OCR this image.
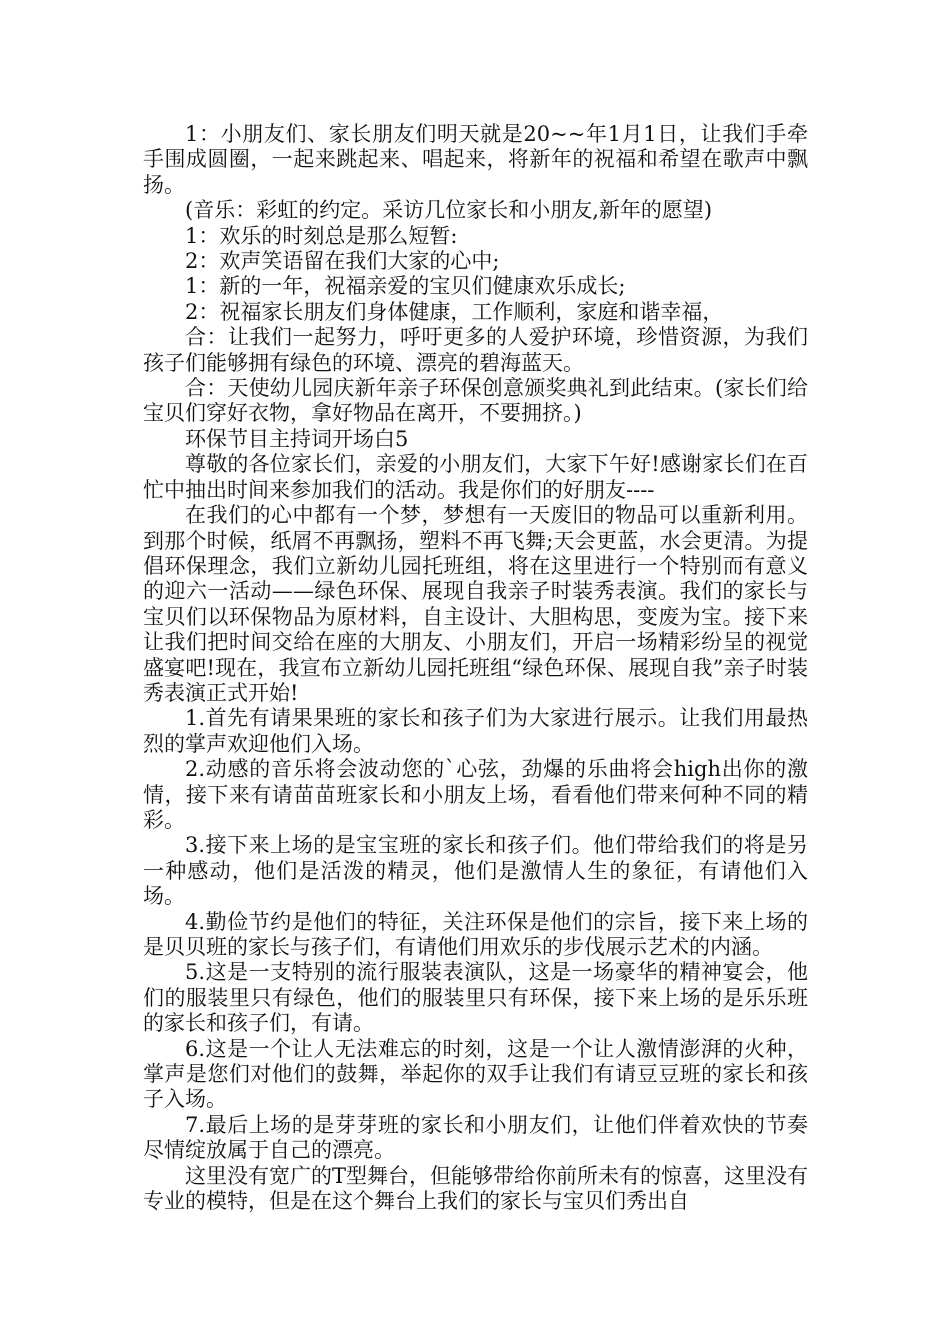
1：小朋友们、家长朋友们明天就是20~~年1月1日，让我们手牵手围成圆圈，一起来跳起来、唱起来，将新年的祝福和希望在歌声中飘扬。

(音乐：彩虹的约定。采访几位家长和小朋友,新年的愿望)

1：欢乐的时刻总是那么短暂:

2：欢声笑语留在我们大家的心中;

1：新的一年，祝福亲爱的宝贝们健康欢乐成长;

2：祝福家长朋友们身体健康，工作顺利，家庭和谐幸福，

合：让我们一起努力，呼吁更多的人爱护环境，珍惜资源，为我们孩子们能够拥有绿色的环境、漂亮的碧海蓝天。

合：天使幼儿园庆新年亲子环保创意颁奖典礼到此结束。(家长们给宝贝们穿好衣物，拿好物品在离开，不要拥挤。)

环保节目主持词开场白5

尊敬的各位家长们，亲爱的小朋友们，大家下午好!感谢家长们在百忙中抽出时间来参加我们的活动。我是你们的好朋友----

在我们的心中都有一个梦，梦想有一天废旧的物品可以重新利用。到那个时候，纸屑不再飘扬，塑料不再飞舞;天会更蓝，水会更清。为提倡环保理念，我们立新幼儿园托班组，将在这里进行一个特别而有意义的迎六一活动——绿色环保、展现自我亲子时装秀表演。我们的家长与宝贝们以环保物品为原材料，自主设计、大胆构思，变废为宝。接下来让我们把时间交给在座的大朋友、小朋友们，开启一场精彩纷呈的视觉盛宴吧!现在，我宣布立新幼儿园托班组“绿色环保、展现自我”亲子时装秀表演正式开始!

1.首先有请果果班的家长和孩子们为大家进行展示。让我们用最热烈的掌声欢迎他们入场。

2.动感的音乐将会波动您的`心弦，劲爆的乐曲将会high出你的激情，接下来有请苗苗班家长和小朋友上场，看看他们带来何种不同的精彩。

3.接下来上场的是宝宝班的家长和孩子们。他们带给我们的将是另一种感动，他们是活泼的精灵，他们是激情人生的象征，有请他们入场。

4.勤俭节约是他们的特征，关注环保是他们的宗旨，接下来上场的是贝贝班的家长与孩子们，有请他们用欢乐的步伐展示艺术的内涵。

5.这是一支特别的流行服装表演队，这是一场豪华的精神宴会，他们的服装里只有绿色，他们的服装里只有环保，接下来上场的是乐乐班的家长和孩子们，有请。

6.这是一个让人无法难忘的时刻，这是一个让人激情澎湃的火种，掌声是您们对他们的鼓舞，举起你的双手让我们有请豆豆班的家长和孩子入场。

7.最后上场的是芽芽班的家长和小朋友们，让他们伴着欢快的节奏尽情绽放属于自己的漂亮。

这里没有宽广的T型舞台，但能够带给你前所未有的惊喜，这里没有专业的模特，但是在这个舞台上我们的家长与宝贝们秀出自
